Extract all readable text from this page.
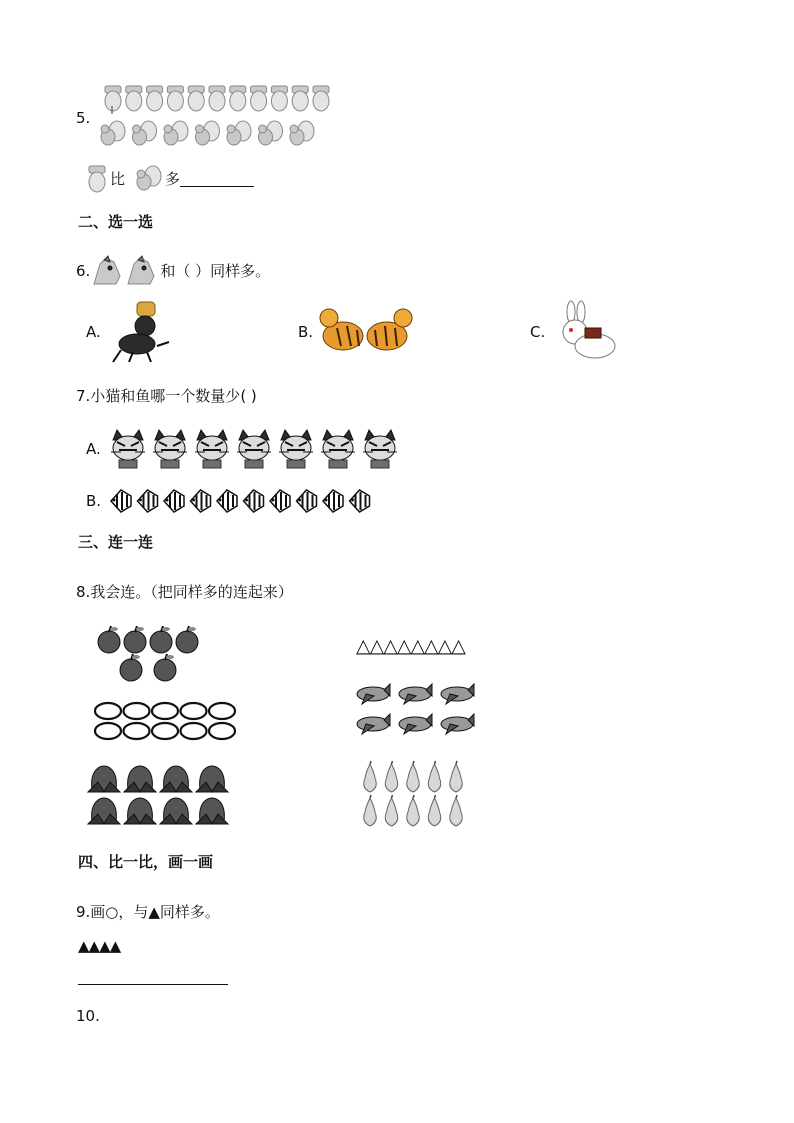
5.
比	多
二、选一选
6.	和（ ）同样多。
A.	B.	C.
7.小猫和鱼哪一个数量少( )
A.
B.
三、连一连
8.我会连。（把同样多的连起来）
△△△△△△△△
四、比一比，画一画
9.画○，与▲同样多。
▲▲▲▲
10.
